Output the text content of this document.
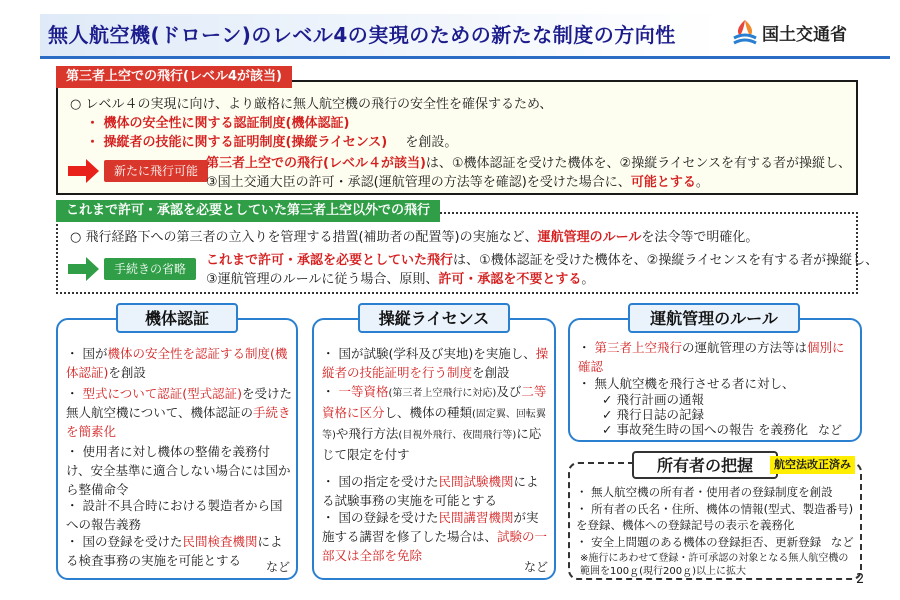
無人航空機(ドローン)のレベル4の実現のための新たな制度の方向性	国土交通省
第三者上空での飛行(レベル4が該当)
○ レベル４の実現に向け、より厳格に無人航空機の飛行の安全性を確保するため、
・ 機体の安全性に関する認証制度(機体認証)
・ 操縦者の技能に関する証明制度(操縦ライセンス) を創設。
新たに飛行可能 第三者上空での飛行(レベル４が該当)は、①機体認証を受けた機体を、②操縦ライセンスを有する者が操縦し、
③国土交通大臣の許可・承認(運航管理の方法等を確認)を受けた場合に、可能とする。
これまで許可・承認を必要としていた第三者上空以外での飛行
○ 飛行経路下への第三者の立入りを管理する措置(補助者の配置等)の実施など、運航管理のルールを法令等で明確化。
手続きの省略
これまで許可・承認を必要としていた飛行は、①機体認証を受けた機体を、②操縦ライセンスを有する者が操縦し、
③運航管理のルールに従う場合、原則、許可・承認を不要とする。
機体認証
・ 国が機体の安全性を認証する制度(機体認証)を創設
・ 型式について認証(型式認証)を受けた無人航空機について、機体認証の手続きを簡素化
・ 使用者に対し機体の整備を義務付け、安全基準に適合しない場合には国から整備命令
・ 設計不具合時における製造者から国への報告義務
・ 国の登録を受けた民間検査機関による検査事務の実施を可能とする	など
操縦ライセンス
・ 国が試験(学科及び実地)を実施し、操縦者の技能証明を行う制度を創設
・ 一等資格(第三者上空飛行に対応)及び二等資格に区分し、機体の種類(固定翼、回転翼等)や飛行方法(目視外飛行、夜間飛行等)に応じて限定を付す
・ 国の指定を受けた民間試験機関による試験事務の実施を可能とする
・ 国の登録を受けた民間講習機関が実施する講習を修了した場合は、試験の一部又は全部を免除
など
運航管理のルール
・ 第三者上空飛行の運航管理の方法等は個別に確認
・ 無人航空機を飛行させる者に対し、
✓ 飛行計画の通報
✓ 飛行日誌の記録
✓ 事故発生時の国への報告 を義務化 など
所有者の把握	航空法改正済み
・ 無人航空機の所有者・使用者の登録制度を創設
・ 所有者の氏名・住所、機体の情報(型式、製造番号)を登録、機体への登録記号の表示を義務化
・ 安全上問題のある機体の登録拒否、更新登録 など
※施行にあわせて登録・許可承認の対象となる無人航空機の範囲を100ｇ(現行200ｇ)以上に拡大
2
